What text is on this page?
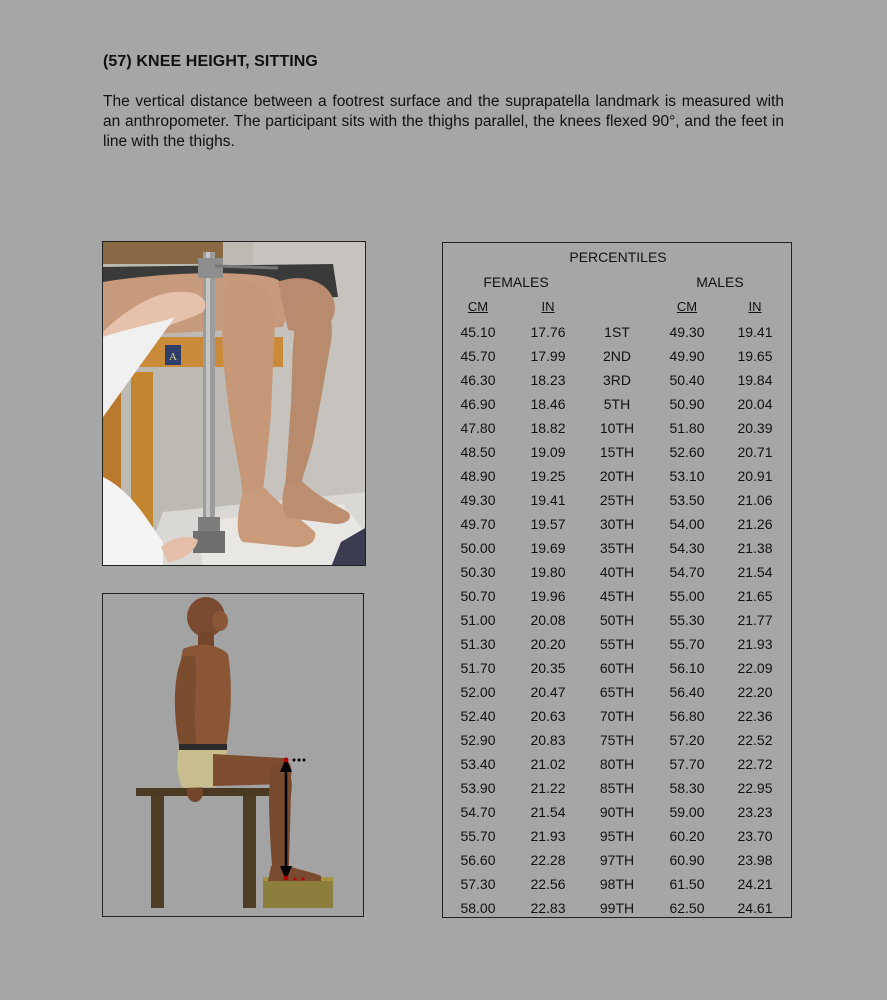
(57) KNEE HEIGHT, SITTING
The vertical distance between a footrest surface and the suprapatella landmark is measured with an anthropometer. The participant sits with the thighs parallel, the knees flexed 90°, and the feet in line with the thighs.
A
PERCENTILES
FEMALES	MALES
CM	IN	CM	IN
45.10	17.76	1ST	49.30	19.41
45.70	17.99	2ND	49.90	19.65
46.30	18.23	3RD	50.40	19.84
46.90	18.46	5TH	50.90	20.04
47.80	18.82	10TH	51.80	20.39
48.50	19.09	15TH	52.60	20.71
48.90	19.25	20TH	53.10	20.91
49.30	19.41	25TH	53.50	21.06
49.70	19.57	30TH	54.00	21.26
50.00	19.69	35TH	54.30	21.38
50.30	19.80	40TH	54.70	21.54
50.70	19.96	45TH	55.00	21.65
51.00	20.08	50TH	55.30	21.77
51.30	20.20	55TH	55.70	21.93
51.70	20.35	60TH	56.10	22.09
52.00	20.47	65TH	56.40	22.20
52.40	20.63	70TH	56.80	22.36
52.90	20.83	75TH	57.20	22.52
53.40	21.02	80TH	57.70	22.72
53.90	21.22	85TH	58.30	22.95
54.70	21.54	90TH	59.00	23.23
55.70	21.93	95TH	60.20	23.70
56.60	22.28	97TH	60.90	23.98
57.30	22.56	98TH	61.50	24.21
58.00	22.83	99TH	62.50	24.61
